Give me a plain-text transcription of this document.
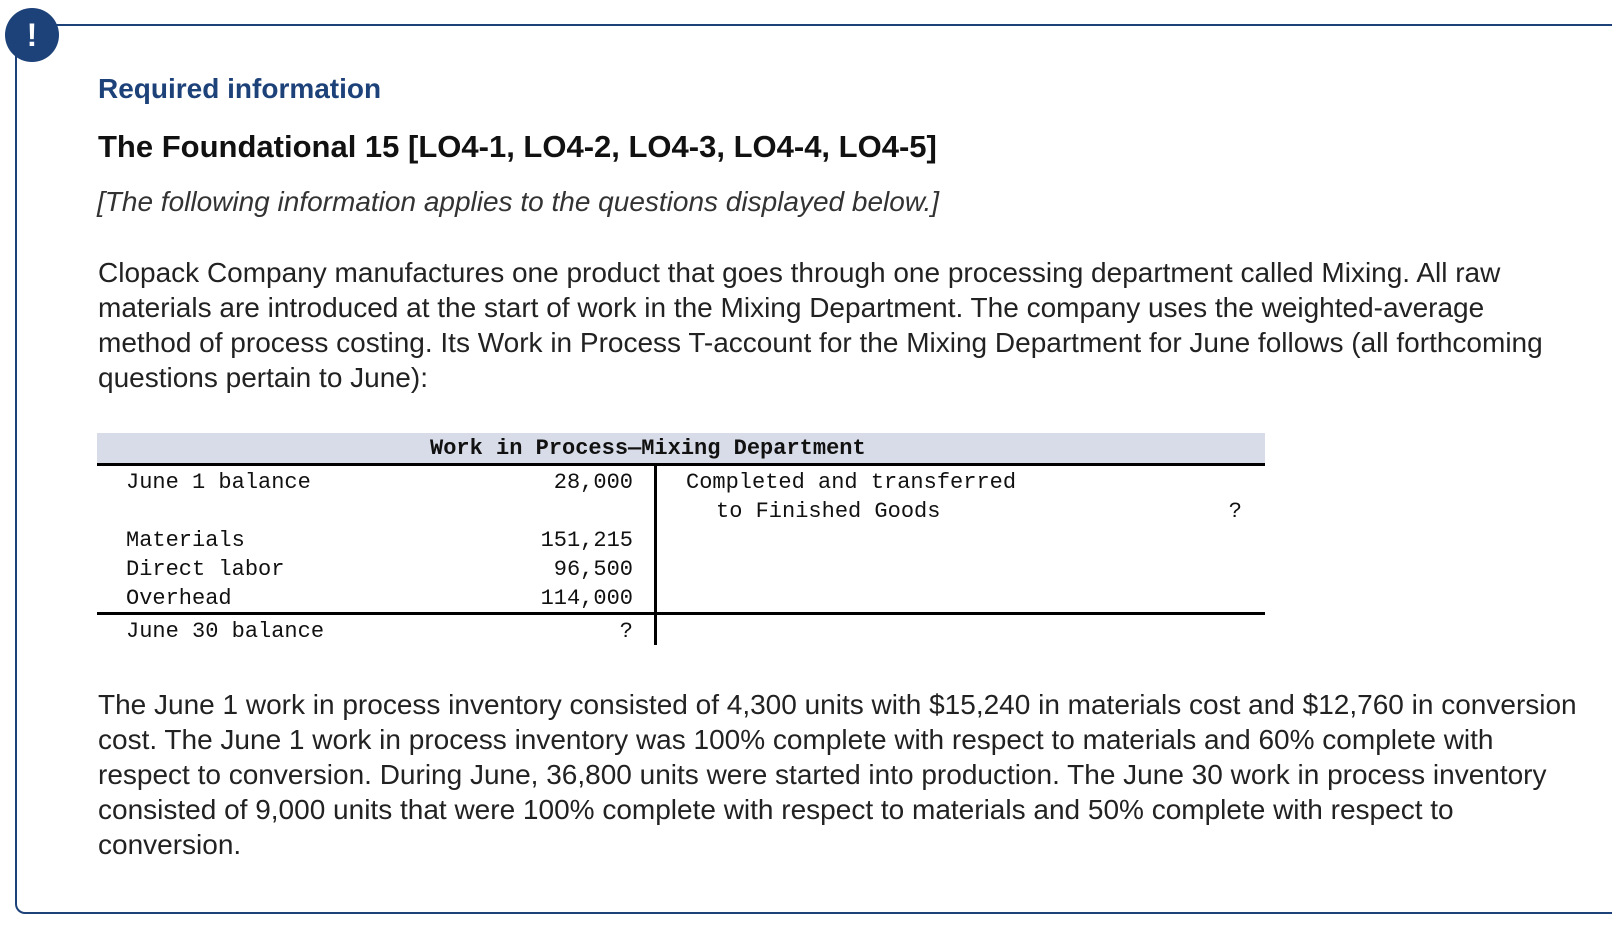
!
Required information
The Foundational 15 [LO4-1, LO4-2, LO4-3, LO4-4, LO4-5]
[The following information applies to the questions displayed below.]
Clopack Company manufactures one product that goes through one processing department called Mixing. All raw materials are introduced at the start of work in the Mixing Department. The company uses the weighted-average method of process costing. Its Work in Process T-account for the Mixing Department for June follows (all forthcoming questions pertain to June):
Work in Process—Mixing Department
June 1 balance	28,000
Materials	151,215
Direct labor	96,500
Overhead	114,000
June 30 balance	?
Completed and transferred
to Finished Goods	?
The June 1 work in process inventory consisted of 4,300 units with $15,240 in materials cost and $12,760 in conversion cost. The June 1 work in process inventory was 100% complete with respect to materials and 60% complete with respect to conversion. During June, 36,800 units were started into production. The June 30 work in process inventory consisted of 9,000 units that were 100% complete with respect to materials and 50% complete with respect to conversion.
